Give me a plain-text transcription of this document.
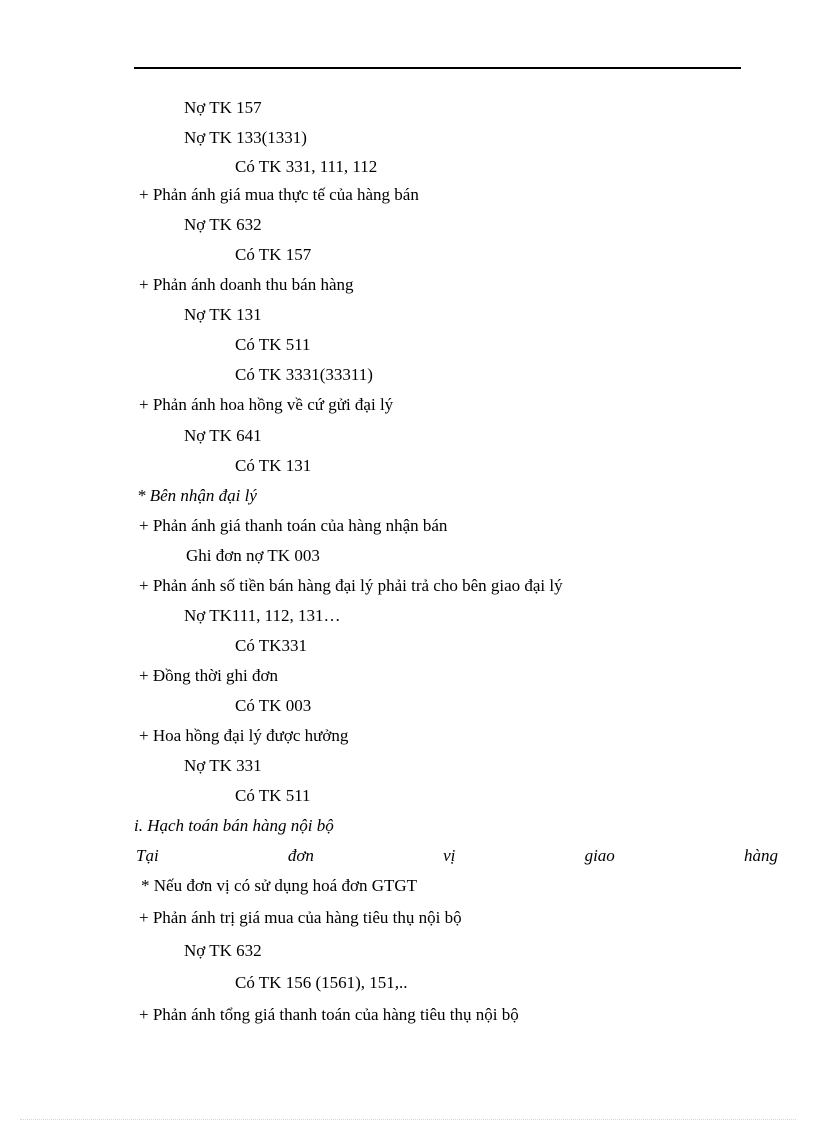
Nợ TK 157
Nợ TK 133(1331)
Có TK 331, 111, 112
+ Phản ánh giá mua thực tế của hàng bán
Nợ TK 632
Có TK 157
+ Phản ánh doanh thu bán hàng
Nợ TK 131
Có TK 511
Có TK 3331(33311)
+ Phản ánh hoa hồng về cứ gửi đại lý
Nợ TK 641
Có TK 131
* Bên nhận đại lý
+ Phản ánh giá thanh toán của hàng nhận bán
Ghi đơn nợ TK 003
+ Phản ánh số tiền bán hàng đại lý phải trả cho bên giao đại lý
Nợ TK111, 112, 131…
Có TK331
+ Đồng thời ghi đơn
Có TK 003
+ Hoa hồng đại lý được hưởng
Nợ TK 331
Có TK 511
i. Hạch toán bán hàng nội bộ
Tại	đơn	vị	giao	hàng
* Nếu đơn vị có sử dụng hoá đơn GTGT
+ Phản ánh trị giá mua của hàng tiêu thụ nội bộ
Nợ TK 632
Có TK 156 (1561), 151,..
+ Phản ánh tổng giá thanh toán của hàng tiêu thụ nội bộ
